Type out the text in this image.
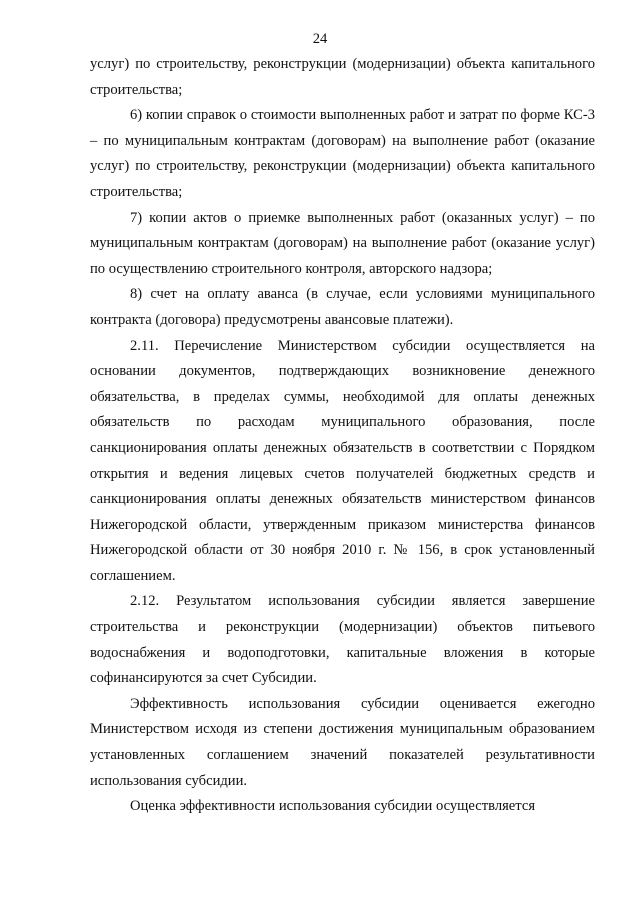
24

услуг) по строительству, реконструкции (модернизации) объекта капитального строительства;

6) копии справок о стоимости выполненных работ и затрат по форме КС-3 – по муниципальным контрактам (договорам) на выполнение работ (оказание услуг) по строительству, реконструкции (модернизации) объекта капитального строительства;

7) копии актов о приемке выполненных работ (оказанных услуг) – по муниципальным контрактам (договорам) на выполнение работ (оказание услуг) по осуществлению строительного контроля, авторского надзора;

8) счет на оплату аванса (в случае, если условиями муниципального контракта (договора) предусмотрены авансовые платежи).

2.11. Перечисление Министерством субсидии осуществляется на основании документов, подтверждающих возникновение денежного обязательства, в пределах суммы, необходимой для оплаты денежных обязательств по расходам муниципального образования, после санкционирования оплаты денежных обязательств в соответствии с Порядком открытия и ведения лицевых счетов получателей бюджетных средств и санкционирования оплаты денежных обязательств министерством финансов Нижегородской области, утвержденным приказом министерства финансов Нижегородской области от 30 ноября 2010 г. № 156, в срок установленный соглашением.

2.12. Результатом использования субсидии является завершение строительства и реконструкции (модернизации) объектов питьевого водоснабжения и водоподготовки, капитальные вложения в которые софинансируются за счет Субсидии.

Эффективность использования субсидии оценивается ежегодно Министерством исходя из степени достижения муниципальным образованием установленных соглашением значений показателей результативности использования субсидии.

Оценка эффективности использования субсидии осуществляется
